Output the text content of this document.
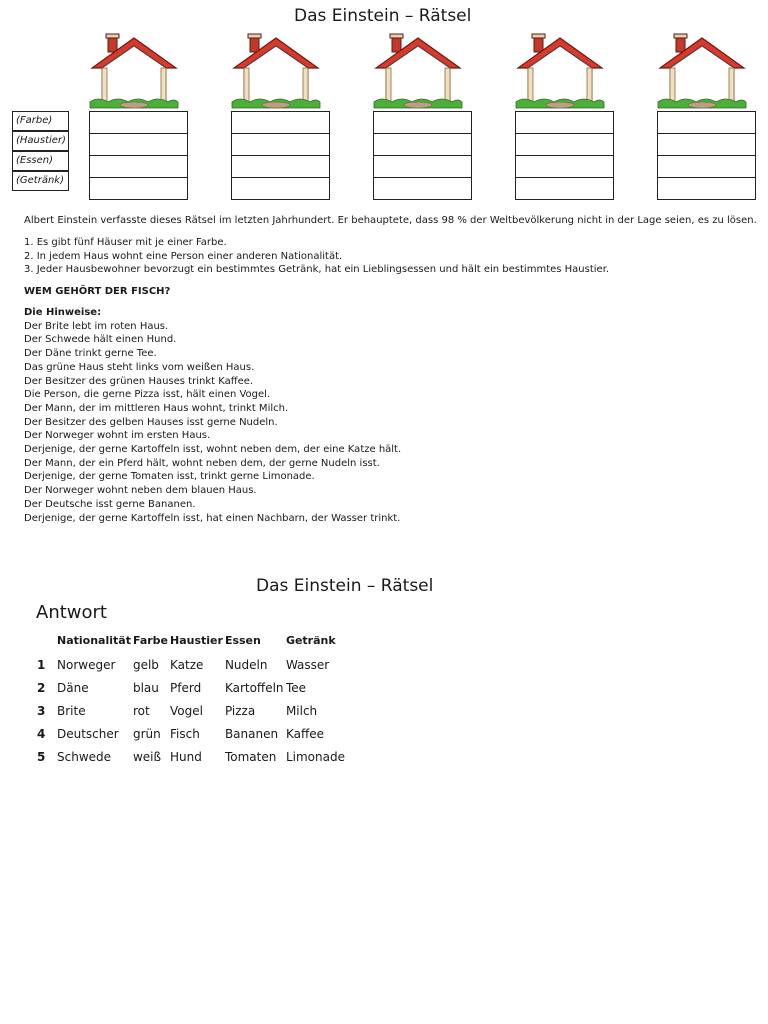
Das Einstein – Rätsel
(Farbe)
(Haustier)
(Essen)
(Getränk)
Albert Einstein verfasste dieses Rätsel im letzten Jahrhundert. Er behauptete, dass 98 % der Weltbevölkerung nicht in der Lage seien, es zu lösen.
1. Es gibt fünf Häuser mit je einer Farbe.
2. In jedem Haus wohnt eine Person einer anderen Nationalität.
3. Jeder Hausbewohner bevorzugt ein bestimmtes Getränk, hat ein Lieblingsessen und hält ein bestimmtes Haustier.
WEM GEHÖRT DER FISCH?
Die Hinweise:
Der Brite lebt im roten Haus.
Der Schwede hält einen Hund.
Der Däne trinkt gerne Tee.
Das grüne Haus steht links vom weißen Haus.
Der Besitzer des grünen Hauses trinkt Kaffee.
Die Person, die gerne Pizza isst, hält einen Vogel.
Der Mann, der im mittleren Haus wohnt, trinkt Milch.
Der Besitzer des gelben Hauses isst gerne Nudeln.
Der Norweger wohnt im ersten Haus.
Derjenige, der gerne Kartoffeln isst, wohnt neben dem, der eine Katze hält.
Der Mann, der ein Pferd hält, wohnt neben dem, der gerne Nudeln isst.
Derjenige, der gerne Tomaten isst, trinkt gerne Limonade.
Der Norweger wohnt neben dem blauen Haus.
Der Deutsche isst gerne Bananen.
Derjenige, der gerne Kartoffeln isst, hat einen Nachbarn, der Wasser trinkt.
Das Einstein – Rätsel
Antwort
	Nationalität	Farbe	Haustier	Essen	Getränk
1	Norweger	gelb	Katze	Nudeln	Wasser
2	Däne	blau	Pferd	Kartoffeln	Tee
3	Brite	rot	Vogel	Pizza	Milch
4	Deutscher	grün	Fisch	Bananen	Kaffee
5	Schwede	weiß	Hund	Tomaten	Limonade
